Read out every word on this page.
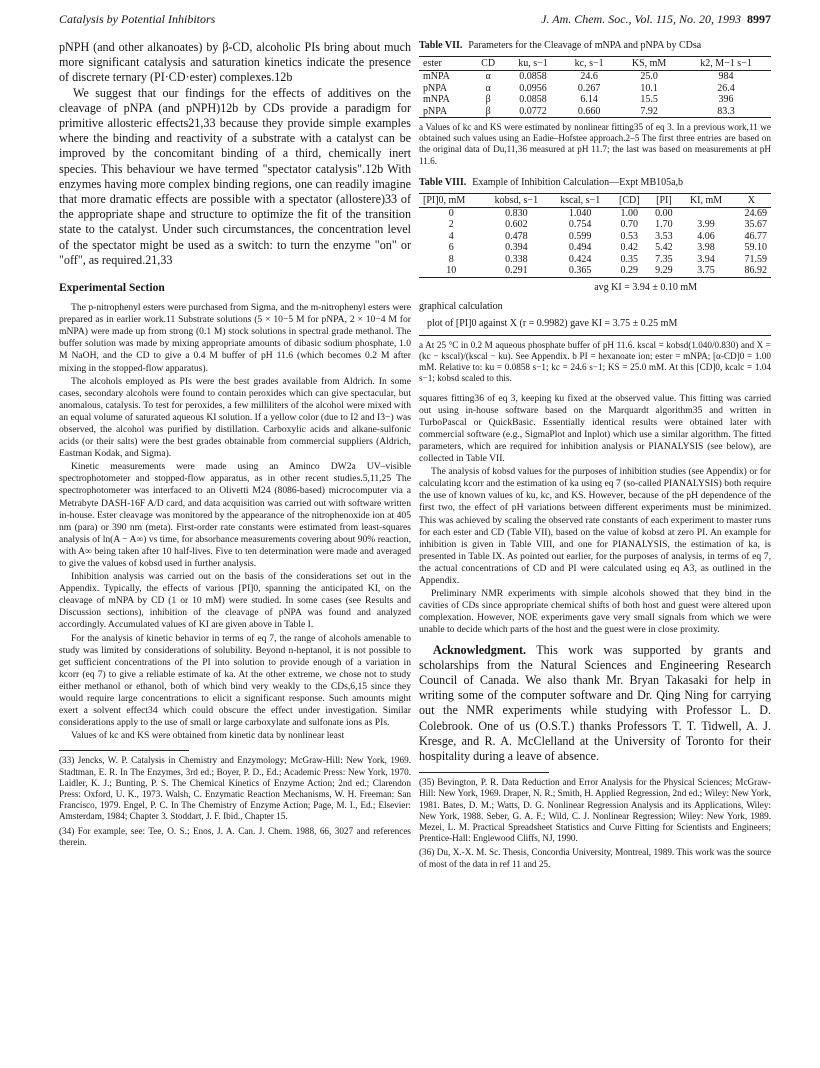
Catalysis by Potential Inhibitors	J. Am. Chem. Soc., Vol. 115, No. 20, 1993 8997

pNPH (and other alkanoates) by β-CD, alcoholic PIs bring about much more significant catalysis and saturation kinetics indicate the presence of discrete ternary (PI·CD·ester) complexes.12b

We suggest that our findings for the effects of additives on the cleavage of pNPA (and pNPH)12b by CDs provide a paradigm for primitive allosteric effects21,33 because they provide simple examples where the binding and reactivity of a substrate with a catalyst can be improved by the concomitant binding of a third, chemically inert species. This behaviour we have termed "spectator catalysis".12b With enzymes having more complex binding regions, one can readily imagine that more dramatic effects are possible with a spectator (allostere)33 of the appropriate shape and structure to optimize the fit of the transition state to the catalyst. Under such circumstances, the concentration level of the spectator might be used as a switch: to turn the enzyme "on" or "off", as required.21,33

Experimental Section

The p-nitrophenyl esters were purchased from Sigma, and the m-nitrophenyl esters were prepared as in earlier work.11 Substrate solutions (5 × 10−5 M for pNPA, 2 × 10−4 M for mNPA) were made up from strong (0.1 M) stock solutions in spectral grade methanol. The buffer solution was made by mixing appropriate amounts of dibasic sodium phosphate, 1.0 M NaOH, and the CD to give a 0.4 M buffer of pH 11.6 (which becomes 0.2 M after mixing in the stopped-flow apparatus).

The alcohols employed as PIs were the best grades available from Aldrich. In some cases, secondary alcohols were found to contain peroxides which can give spectacular, but anomalous, catalysis. To test for peroxides, a few milliliters of the alcohol were mixed with an equal volume of saturated aqueous KI solution. If a yellow color (due to I2 and I3−) was observed, the alcohol was purified by distillation. Carboxylic acids and alkane-sulfonic acids (or their salts) were the best grades obtainable from commercial suppliers (Aldrich, Eastman Kodak, and Sigma).

Kinetic measurements were made using an Aminco DW2a UV–visible spectrophotometer and stopped-flow apparatus, as in other recent studies.5,11,25 The spectrophotometer was interfaced to an Olivetti M24 (8086-based) microcomputer via a Metrabyte DASH-16F A/D card, and data acquisition was carried out with software written in-house. Ester cleavage was monitored by the appearance of the nitrophenoxide ion at 405 nm (para) or 390 nm (meta). First-order rate constants were estimated from least-squares analysis of ln(A − A∞) vs time, for absorbance measurements covering about 90% reaction, with A∞ being taken after 10 half-lives. Five to ten determination were made and averaged to give the values of kobsd used in further analysis.

Inhibition analysis was carried out on the basis of the considerations set out in the Appendix. Typically, the effects of various [PI]0, spanning the anticipated KI, on the cleavage of mNPA by CD (1 or 10 mM) were studied. In some cases (see Results and Discussion sections), inhibition of the cleavage of pNPA was found and analyzed accordingly. Accumulated values of KI are given above in Table I.

For the analysis of kinetic behavior in terms of eq 7, the range of alcohols amenable to study was limited by considerations of solubility. Beyond n-heptanol, it is not possible to get sufficient concentrations of the PI into solution to provide enough of a variation in kcorr (eq 7) to give a reliable estimate of ka. At the other extreme, we chose not to study either methanol or ethanol, both of which bind very weakly to the CDs,6,15 since they would require large concentrations to elicit a significant response. Such amounts might exert a solvent effect34 which could obscure the effect under investigation. Similar considerations apply to the use of small or large carboxylate and sulfonate ions as PIs.

Values of kc and KS were obtained from kinetic data by nonlinear least

(33) Jencks, W. P. Catalysis in Chemistry and Enzymology; McGraw-Hill: New York, 1969. Stadtman, E. R. In The Enzymes, 3rd ed.; Boyer, P. D., Ed.; Academic Press: New York, 1970. Laidler, K. J.; Bunting, P. S. The Chemical Kinetics of Enzyme Action; 2nd ed.; Clarendon Press: Oxford, U. K., 1973. Walsh, C. Enzymatic Reaction Mechanisms, W. H. Freeman: San Francisco, 1979. Engel, P. C. In The Chemistry of Enzyme Action; Page, M. I., Ed.; Elsevier: Amsterdam, 1984; Chapter 3. Stoddart, J. F. Ibid., Chapter 15.

(34) For example, see: Tee, O. S.; Enos, J. A. Can. J. Chem. 1988, 66, 3027 and references therein.

Table VII. Parameters for the Cleavage of mNPA and pNPA by CDsa
ester	CD	ku, s−1	kc, s−1	KS, mM	k2, M−1 s−1
mNPA	α	0.0858	24.6	25.0	984
pNPA	α	0.0956	0.267	10.1	26.4
mNPA	β	0.0858	6.14	15.5	396
pNPA	β	0.0772	0.660	7.92	83.3
a Values of kc and KS were estimated by nonlinear fitting35 of eq 3. In a previous work,11 we obtained such values using an Eadie–Hofstee approach.2–5 The first three entries are based on the original data of Du,11,36 measured at pH 11.7; the last was based on measurements at pH 11.6.
Table VIII. Example of Inhibition Calculation—Expt MB105a,b
[PI]0, mM	kobsd, s−1	kscal, s−1	[CD]	[PI]	KI, mM	X
0	0.830	1.040	1.00	0.00		24.69
2	0.602	0.754	0.70	1.70	3.99	35.67
4	0.478	0.599	0.53	3.53	4.06	46.77
6	0.394	0.494	0.42	5.42	3.98	59.10
8	0.338	0.424	0.35	7.35	3.94	71.59
10	0.291	0.365	0.29	9.29	3.75	86.92
avg KI = 3.94 ± 0.10 mM
graphical calculation
plot of [PI]0 against X (r = 0.9982) gave KI = 3.75 ± 0.25 mM
a At 25 °C in 0.2 M aqueous phosphate buffer of pH 11.6. kscal = kobsd(1.040/0.830) and X = (kc − kscal)/(kscal − ku). See Appendix. b PI = hexanoate ion; ester = mNPA; [α-CD]0 = 1.00 mM. Relative to: ku = 0.0858 s−1; kc = 24.6 s−1; KS = 25.0 mM. At this [CD]0, kcalc = 1.04 s−1; kobsd scaled to this.

squares fitting36 of eq 3, keeping ku fixed at the observed value. This fitting was carried out using in-house software based on the Marquardt algorithm35 and written in TurboPascal or QuickBasic. Essentially identical results were obtained later with commercial software (e.g., SigmaPlot and Inplot) which use a similar algorithm. The fitted parameters, which are required for inhibition analysis or PIANALYSIS (see below), are collected in Table VII.

The analysis of kobsd values for the purposes of inhibition studies (see Appendix) or for calculating kcorr and the estimation of ka using eq 7 (so-called PIANALYSIS) both require the use of known values of ku, kc, and KS. However, because of the pH dependence of the first two, the effect of pH variations between different experiments must be minimized. This was achieved by scaling the observed rate constants of each experiment to master runs for each ester and CD (Table VII), based on the value of kobsd at zero PI. An example for inhibition is given in Table VIII, and one for PIANALYSIS, the estimation of ka, is presented in Table IX. As pointed out earlier, for the purposes of analysis, in terms of eq 7, the actual concentrations of CD and PI were calculated using eq A3, as outlined in the Appendix.

Preliminary NMR experiments with simple alcohols showed that they bind in the cavities of CDs since appropriate chemical shifts of both host and guest were altered upon complexation. However, NOE experiments gave very small signals from which we were unable to decide which parts of the host and the guest were in close proximity.

Acknowledgment. This work was supported by grants and scholarships from the Natural Sciences and Engineering Research Council of Canada. We also thank Mr. Bryan Takasaki for help in writing some of the computer software and Dr. Qing Ning for carrying out the NMR experiments while studying with Professor L. D. Colebrook. One of us (O.S.T.) thanks Professors T. T. Tidwell, A. J. Kresge, and R. A. McClelland at the University of Toronto for their hospitality during a leave of absence.

(35) Bevington, P. R. Data Reduction and Error Analysis for the Physical Sciences; McGraw-Hill: New York, 1969. Draper, N. R.; Smith, H. Applied Regression, 2nd ed.; Wiley: New York, 1981. Bates, D. M.; Watts, D. G. Nonlinear Regression Analysis and its Applications, Wiley: New York, 1988. Seber, G. A. F.; Wild, C. J. Nonlinear Regression; Wiley: New York, 1989. Mezei, L. M. Practical Spreadsheet Statistics and Curve Fitting for Scientists and Engineers; Prentice-Hall: Englewood Cliffs, NJ, 1990.

(36) Du, X.-X. M. Sc. Thesis, Concordia University, Montreal, 1989. This work was the source of most of the data in ref 11 and 25.
